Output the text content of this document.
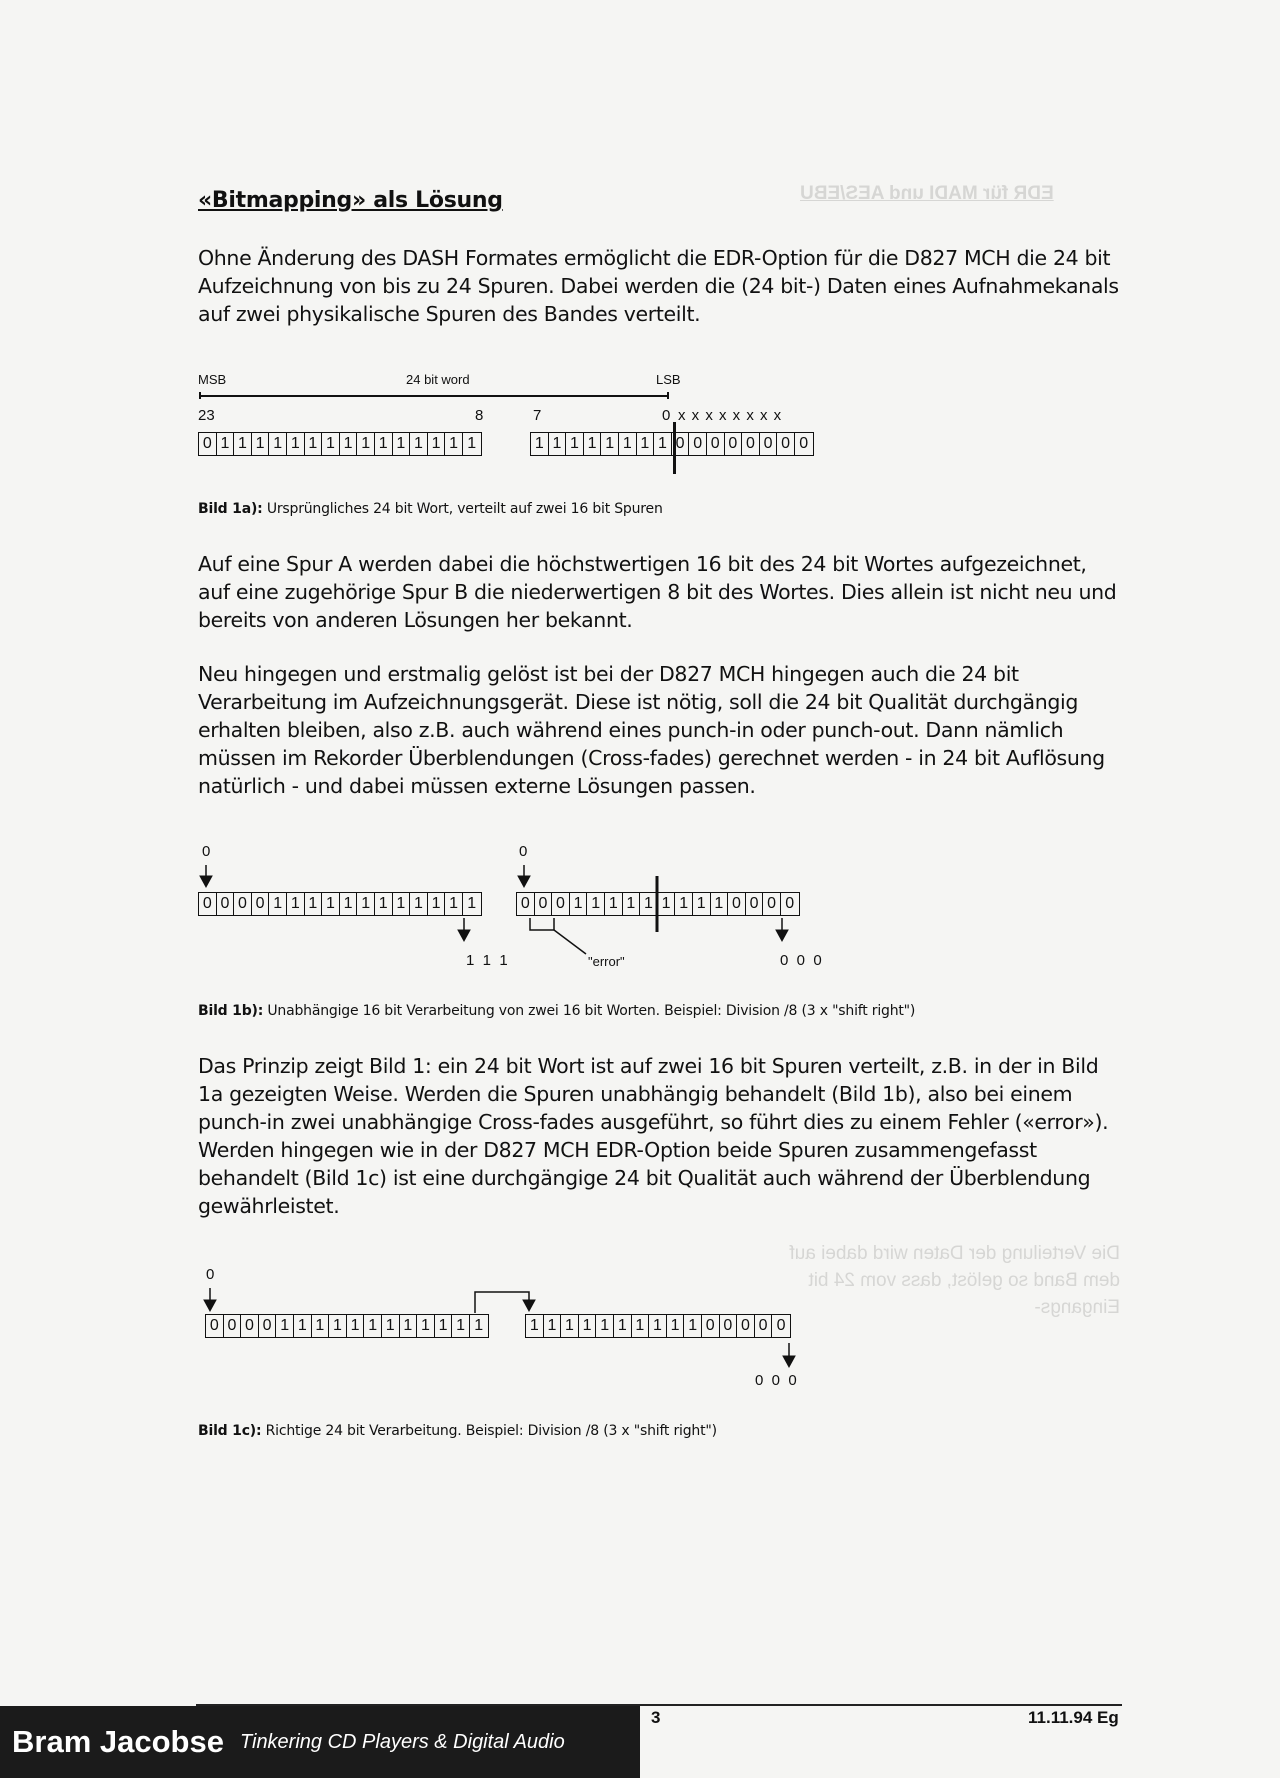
EDR für MADI und AES/EBU
Die Verteilung der Daten wird dabei auf dem Band so gelöst, dass vom 24 bit Eingangs-
«Bitmapping» als Lösung

Ohne Änderung des DASH Formates ermöglicht die EDR-Option für die D827 MCH die 24 bit Aufzeichnung von bis zu 24 Spuren. Dabei werden die (24 bit-) Daten eines Aufnahmekanals auf zwei physikalische Spuren des Bandes verteilt.

MSB	24 bit word	LSB
23	8	7	0 x x x x x x x x
0 1 1 1 1 1 1 1 1 1 1 1 1 1 1 1	1 1 1 1 1 1 1 1 0 0 0 0 0 0 0 0
Bild 1a): Ursprüngliches 24 bit Wort, verteilt auf zwei 16 bit Spuren

Auf eine Spur A werden dabei die höchstwertigen 16 bit des 24 bit Wortes aufgezeichnet, auf eine zugehörige Spur B die niederwertigen 8 bit des Wortes. Dies allein ist nicht neu und bereits von anderen Lösungen her bekannt.

Neu hingegen und erstmalig gelöst ist bei der D827 MCH hingegen auch die 24 bit Verarbeitung im Aufzeichnungsgerät. Diese ist nötig, soll die 24 bit Qualität durchgängig erhalten bleiben, also z.B. auch während eines punch-in oder punch-out. Dann nämlich müssen im Rekorder Überblendungen (Cross-fades) gerechnet werden - in 24 bit Auflösung natürlich - und dabei müssen externe Lösungen passen.

0	0
0 0 0 0 1 1 1 1 1 1 1 1 1 1 1 1	0 0 0 1 1 1 1 1 1 1 1 1 0 0 0 0
1  1  1	"error"	0  0  0
Bild 1b): Unabhängige 16 bit Verarbeitung von zwei 16 bit Worten. Beispiel: Division /8 (3 x "shift right")

Das Prinzip zeigt Bild 1: ein 24 bit Wort ist auf zwei 16 bit Spuren verteilt, z.B. in der in Bild 1a gezeigten Weise. Werden die Spuren unabhängig behandelt (Bild 1b), also bei einem punch-in zwei unabhängige Cross-fades ausgeführt, so führt dies zu einem Fehler («error»). Werden hingegen wie in der D827 MCH EDR-Option beide Spuren zusammengefasst behandelt (Bild 1c) ist eine durchgängige 24 bit Qualität auch während der Überblendung gewährleistet.

0
0 0 0 0 1 1 1 1 1 1 1 1 1 1 1 1	1 1 1 1 1 1 1 1 1 1 0 0 0 0 0
0  0  0
Bild 1c): Richtige 24 bit Verarbeitung. Beispiel: Division /8 (3 x "shift right")
3	11.11.94 Eg
Bram Jacobse Tinkering CD Players & Digital Audio
